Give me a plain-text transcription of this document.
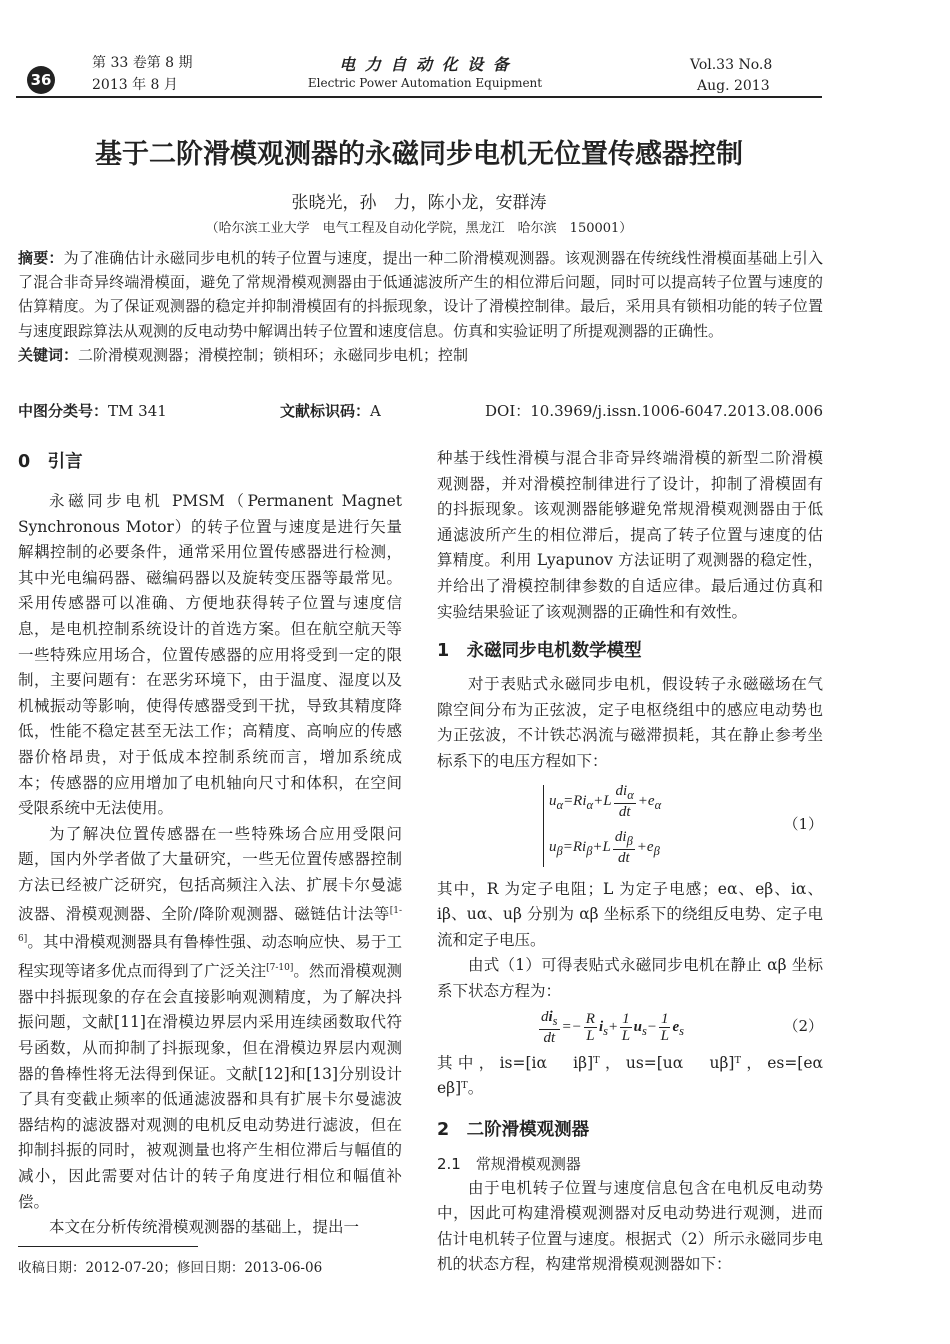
36
第 33 卷第 8 期
2013 年 8 月
电 力 自 动 化 设 备
Electric Power Automation Equipment
Vol.33 No.8
Aug. 2013
基于二阶滑模观测器的永磁同步电机无位置传感器控制
张晓光，孙　力，陈小龙，安群涛
（哈尔滨工业大学　电气工程及自动化学院，黑龙江　哈尔滨　150001）

摘要：为了准确估计永磁同步电机的转子位置与速度，提出一种二阶滑模观测器。该观测器在传统线性滑模面基础上引入了混合非奇异终端滑模面，避免了常规滑模观测器由于低通滤波所产生的相位滞后问题，同时可以提高转子位置与速度的估算精度。为了保证观测器的稳定并抑制滑模固有的抖振现象，设计了滑模控制律。最后，采用具有锁相功能的转子位置与速度跟踪算法从观测的反电动势中解调出转子位置和速度信息。仿真和实验证明了所提观测器的正确性。

关键词：二阶滑模观测器；滑模控制；锁相环；永磁同步电机；控制

中图分类号：TM 341	文献标识码：A	DOI：10.3969/j.issn.1006-6047.2013.08.006
0　引言

永磁同步电机 PMSM（Permanent Magnet Synchronous Motor）的转子位置与速度是进行矢量解耦控制的必要条件，通常采用位置传感器进行检测，其中光电编码器、磁编码器以及旋转变压器等最常见。采用传感器可以准确、方便地获得转子位置与速度信息，是电机控制系统设计的首选方案。但在航空航天等一些特殊应用场合，位置传感器的应用将受到一定的限制，主要问题有：在恶劣环境下，由于温度、湿度以及机械振动等影响，使得传感器受到干扰，导致其精度降低，性能不稳定甚至无法工作；高精度、高响应的传感器价格昂贵，对于低成本控制系统而言，增加系统成本；传感器的应用增加了电机轴向尺寸和体积，在空间受限系统中无法使用。

为了解决位置传感器在一些特殊场合应用受限问题，国内外学者做了大量研究，一些无位置传感器控制方法已经被广泛研究，包括高频注入法、扩展卡尔曼滤波器、滑模观测器、全阶/降阶观测器、磁链估计法等[1-6]。其中滑模观测器具有鲁棒性强、动态响应快、易于工程实现等诸多优点而得到了广泛关注[7-10]。然而滑模观测器中抖振现象的存在会直接影响观测精度，为了解决抖振问题，文献[11]在滑模边界层内采用连续函数取代符号函数，从而抑制了抖振现象，但在滑模边界层内观测器的鲁棒性将无法得到保证。文献[12]和[13]分别设计了具有变截止频率的低通滤波器和具有扩展卡尔曼滤波器结构的滤波器对观测的电机反电动势进行滤波，但在抑制抖振的同时，被观测量也将产生相位滞后与幅值的减小，因此需要对估计的转子角度进行相位和幅值补偿。

本文在分析传统滑模观测器的基础上，提出一

收稿日期：2012-07-20；修回日期：2013-06-06

种基于线性滑模与混合非奇异终端滑模的新型二阶滑模观测器，并对滑模控制律进行了设计，抑制了滑模固有的抖振现象。该观测器能够避免常规滑模观测器由于低通滤波所产生的相位滞后，提高了转子位置与速度的估算精度。利用 Lyapunov 方法证明了观测器的稳定性，并给出了滑模控制律参数的自适应律。最后通过仿真和实验结果验证了该观测器的正确性和有效性。

1　永磁同步电机数学模型

对于表贴式永磁同步电机，假设转子永磁磁场在气隙空间分布为正弦波，定子电枢绕组中的感应电动势也为正弦波，不计铁芯涡流与磁滞损耗，其在静止参考坐标系下的电压方程如下：

$u_\alpha=Ri_\alpha+L \frac{di_\alpha}{dt} +e_\alpha$
$u_\beta=Ri_\beta+L \frac{di_\beta}{dt} +e_\beta$
（1）

其中，R 为定子电阻；L 为定子电感；eα、eβ、iα、iβ、uα、uβ 分别为 αβ 坐标系下的绕组反电势、定子电流和定子电压。

由式（1）可得表贴式永磁同步电机在静止 αβ 坐标系下状态方程为：

$\frac{di_s}{dt} =- \frac{R}{L} i_s+ \frac{1}{L} u_s- \frac{1}{L} e_s$	（2）

其中，is=[iα　iβ]ᵀ，us=[uα　uβ]ᵀ，es=[eα　eβ]ᵀ。

2　二阶滑模观测器
2.1　常规滑模观测器

由于电机转子位置与速度信息包含在电机反电动势中，因此可构建滑模观测器对反电动势进行观测，进而估计电机转子位置与速度。根据式（2）所示永磁同步电机的状态方程，构建常规滑模观测器如下：
